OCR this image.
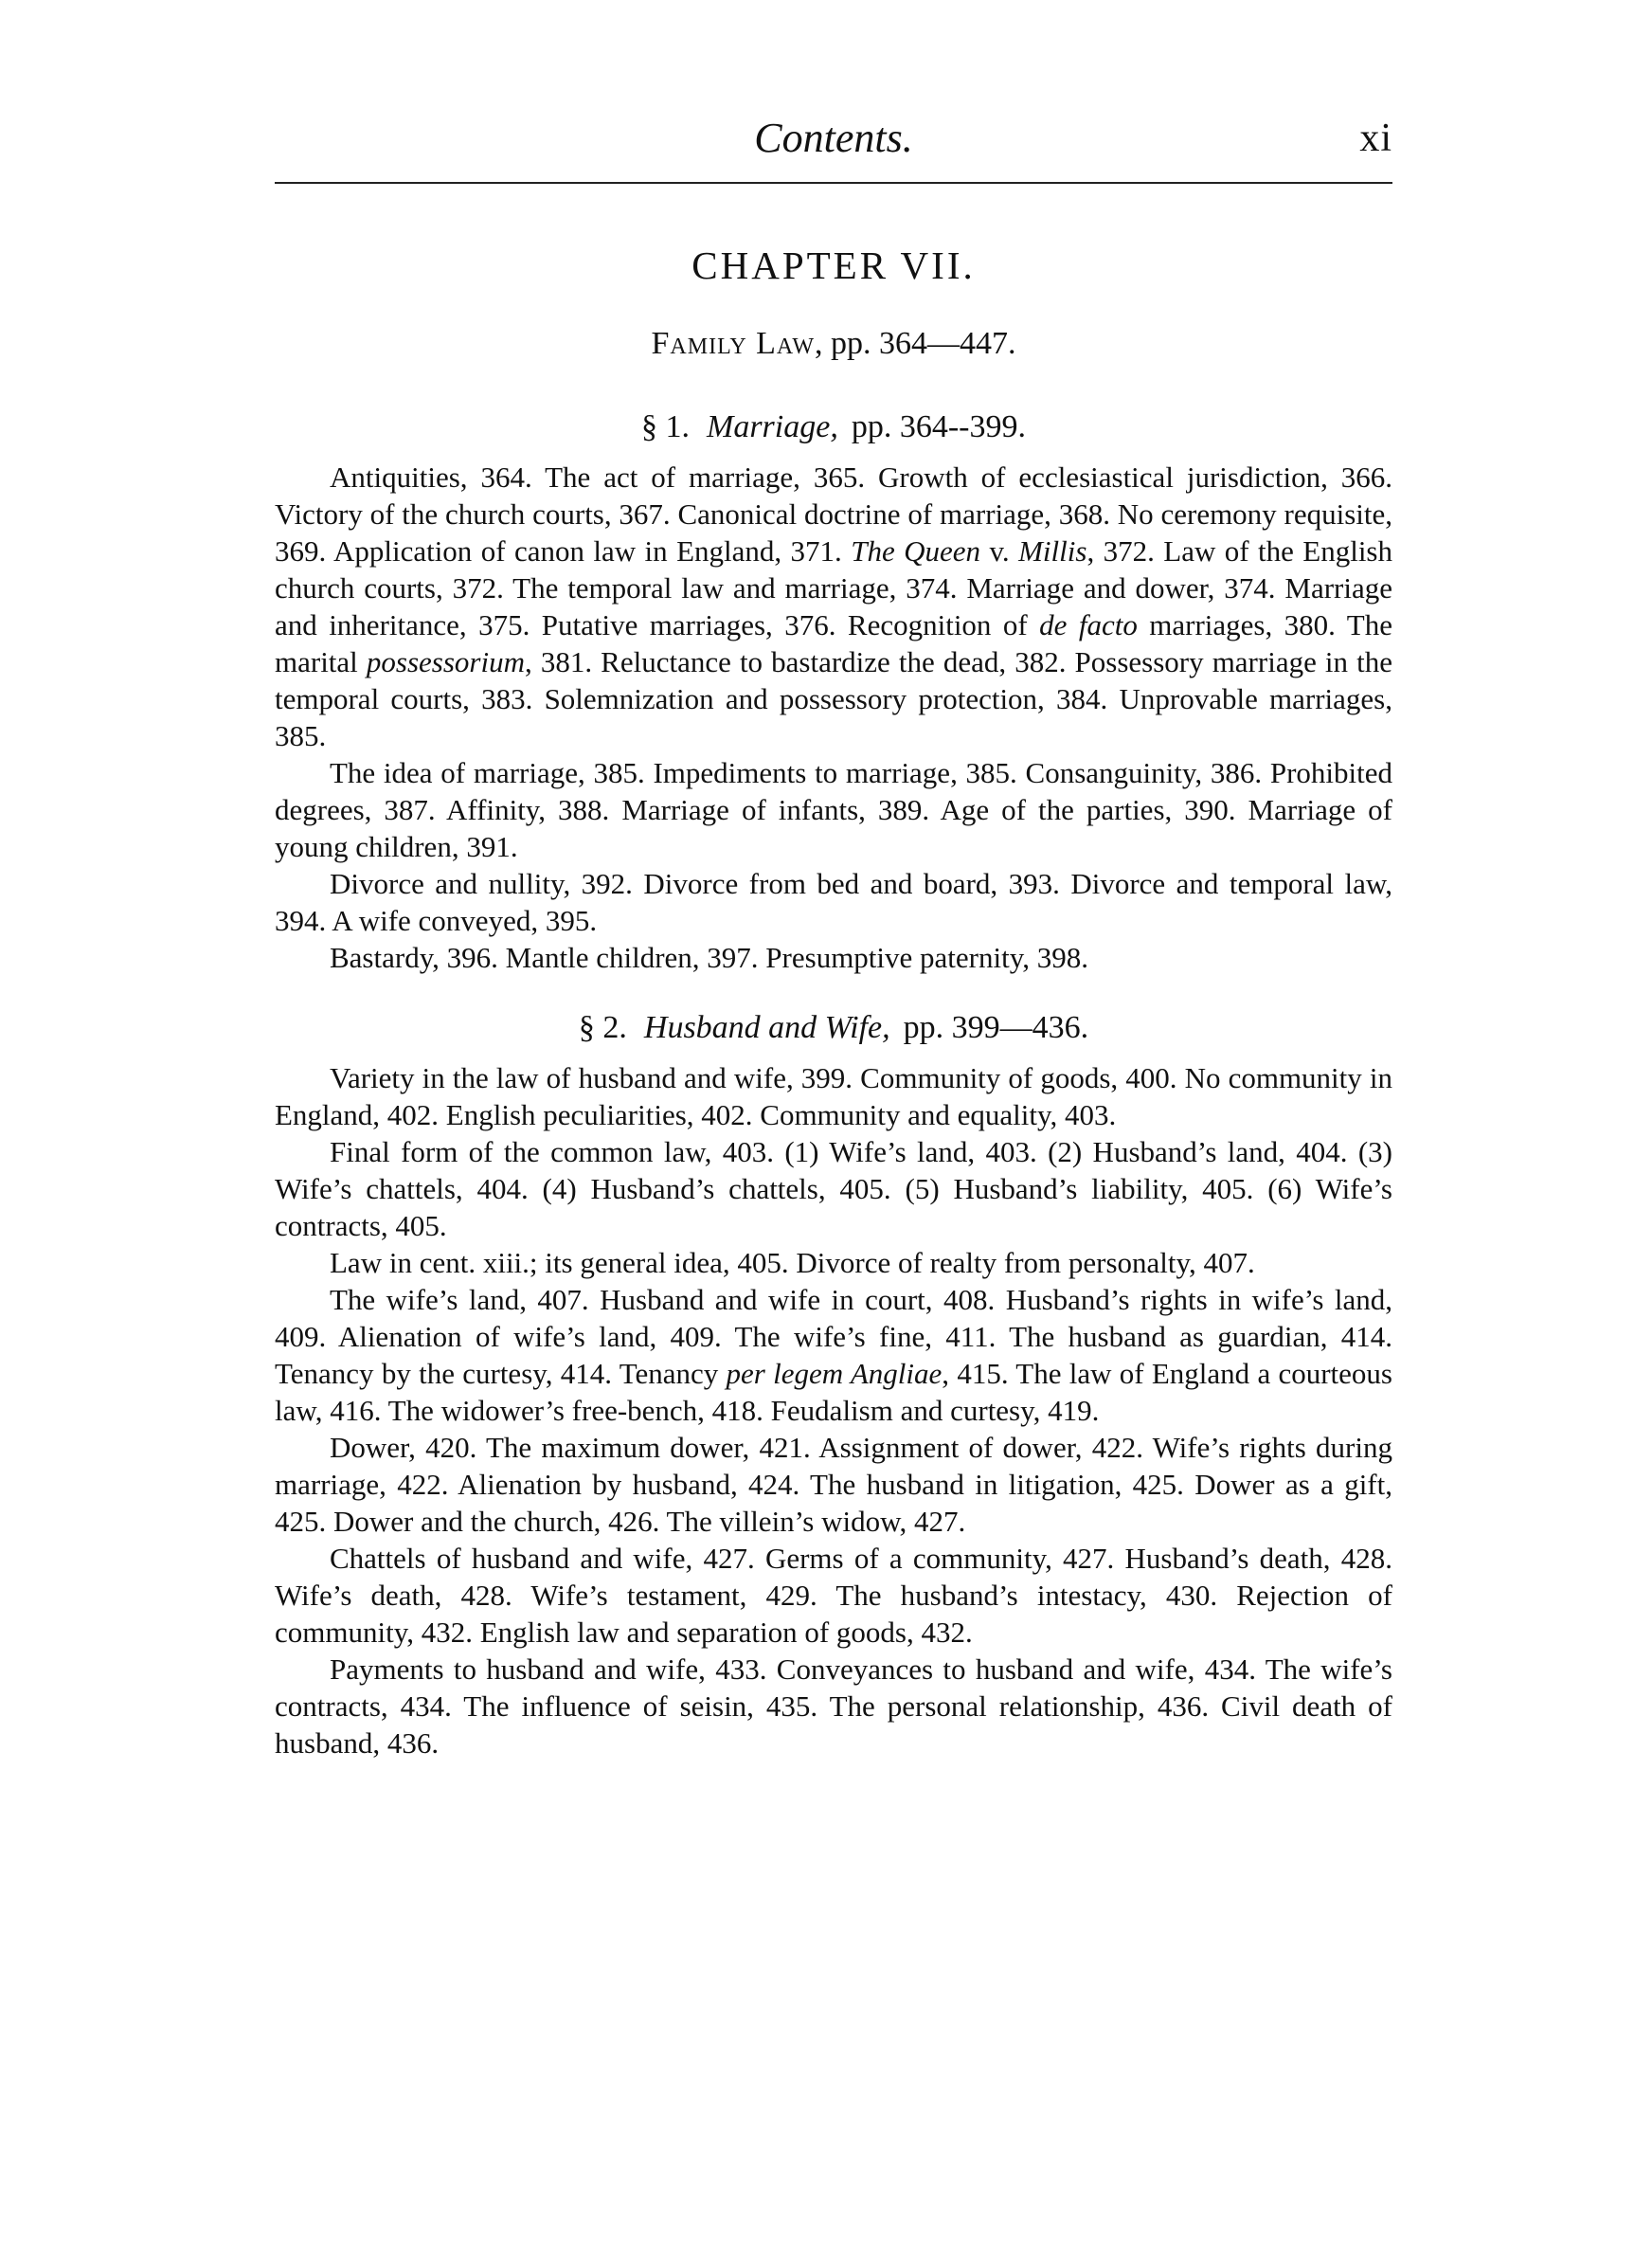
Contents.	xi
CHAPTER VII.
Family Law, pp. 364—447.
§ 1. Marriage, pp. 364--399.

Antiquities, 364. The act of marriage, 365. Growth of ecclesiastical jurisdiction, 366. Victory of the church courts, 367. Canonical doctrine of marriage, 368. No ceremony requisite, 369. Application of canon law in England, 371. The Queen v. Millis, 372. Law of the English church courts, 372. The temporal law and marriage, 374. Marriage and dower, 374. Marriage and inheritance, 375. Putative marriages, 376. Recognition of de facto marriages, 380. The marital possessorium, 381. Reluctance to bastardize the dead, 382. Possessory marriage in the temporal courts, 383. Solemnization and possessory protection, 384. Unprovable marriages, 385.

The idea of marriage, 385. Impediments to marriage, 385. Consanguinity, 386. Prohibited degrees, 387. Affinity, 388. Marriage of infants, 389. Age of the parties, 390. Marriage of young children, 391.

Divorce and nullity, 392. Divorce from bed and board, 393. Divorce and temporal law, 394. A wife conveyed, 395.

Bastardy, 396. Mantle children, 397. Presumptive paternity, 398.

§ 2. Husband and Wife, pp. 399—436.

Variety in the law of husband and wife, 399. Community of goods, 400. No community in England, 402. English peculiarities, 402. Community and equality, 403.

Final form of the common law, 403. (1) Wife’s land, 403. (2) Husband’s land, 404. (3) Wife’s chattels, 404. (4) Husband’s chattels, 405. (5) Husband’s liability, 405. (6) Wife’s contracts, 405.

Law in cent. xiii.; its general idea, 405. Divorce of realty from personalty, 407.

The wife’s land, 407. Husband and wife in court, 408. Husband’s rights in wife’s land, 409. Alienation of wife’s land, 409. The wife’s fine, 411. The husband as guardian, 414. Tenancy by the curtesy, 414. Tenancy per legem Angliae, 415. The law of England a courteous law, 416. The widower’s free-bench, 418. Feudalism and curtesy, 419.

Dower, 420. The maximum dower, 421. Assignment of dower, 422. Wife’s rights during marriage, 422. Alienation by husband, 424. The husband in litigation, 425. Dower as a gift, 425. Dower and the church, 426. The villein’s widow, 427.

Chattels of husband and wife, 427. Germs of a community, 427. Husband’s death, 428. Wife’s death, 428. Wife’s testament, 429. The husband’s intestacy, 430. Rejection of community, 432. English law and separation of goods, 432.

Payments to husband and wife, 433. Conveyances to husband and wife, 434. The wife’s contracts, 434. The influence of seisin, 435. The personal relationship, 436. Civil death of husband, 436.
